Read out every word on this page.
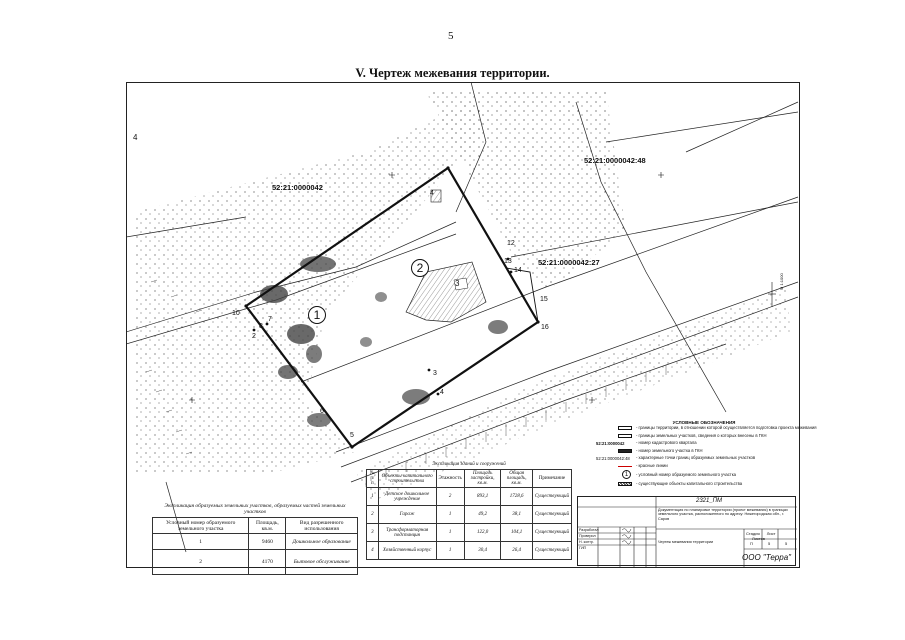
5
V. Чертеж межевания территории.
52:21:0000042
52:21:0000042:48
52:21:0000042:27
1
2
3
4
10
8
7
2
3
4
6
5
12
13
14
15
16
4
М 1:1000
Экспликация образуемых земельных участков, образуемых частей земельных участков		
Условный номер образуемого земельного участка	Площадь, кв.м.	Вид разрешенного использования
1	9460	Дошкольное образование
2	4170	Бытовое обслуживание
Экспликация зданий и сооружений					
№ п/п	Объекты капитального строительства	Этажность	Площадь застройки, кв.м.	Общая площадь, кв.м.	Примечание
1	Детское дошкольное учреждение	2	893,1	1728,6	Существующий
2	Гараж	1	49,2	38,1	Существующий
3	Трансформаторная подстанция	1	122,0	104,1	Существующий
4	Хозяйственный корпус	1	30,4	26,4	Существующий
УСЛОВНЫЕ ОБОЗНАЧЕНИЯ
- границы территории, в отношении которой осуществляется подготовка проекта межевания
- границы земельных участков, сведения о которых внесены в ГКН
52:21:0000042	- номер кадастрового квартала
- номер земельного участка в ГКН
52:21:0000042:48	- характерные точки границ образуемых земельных участков
- красные линии
1	- условный номер образуемого земельного участка
- существующие объекты капитального строительства
Разработал
Проверил
Н. контр.
ГИП
2321_ПМ
Документация по планировке территории (проект межевания) в границах земельного участка, расположенного по адресу: Нижегородская обл., г. Саров
Чертеж межевания территории
Стадия Лист Листов
П	5	5
ООО "Терра"
